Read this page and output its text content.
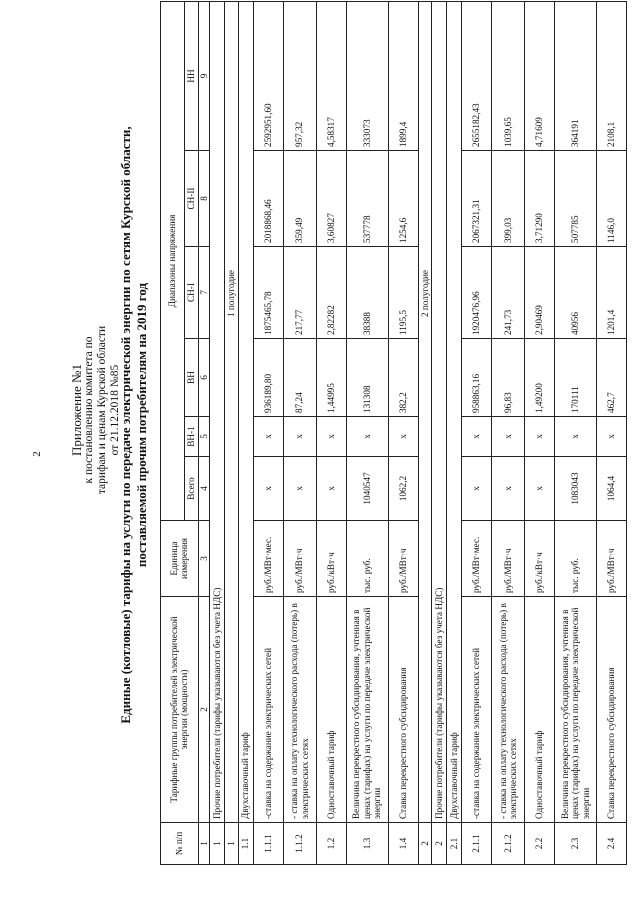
2 Приложение №1 к постановлению комитета по тарифам и ценам Курской области от 21.12.2018 №85
Единые (котловые) тарифы на услуги по передаче электрической энергии по сетям Курской области, поставляемой прочим потребителям на 2019 год
№ п/п	Тарифные группы потребителей электрической энергии (мощности)	Единица измерения	Диапазоны напряжения					
			Всего	ВН-1	ВН	СН-I	СН-II	НН
1	2	3	4	5	6	7	8	9
1	Прочие потребители (тарифы указываются без учета НДС)							
1	1 полугодие							
1.1	Двухставочный тариф							
1.1.1	-ставка на содержание электрических сетей	руб./МВт·мес.	х	х	936189,80	1875465,78	2018868,46	2592951,60
1.1.2	- ставка на оплату технологического расхода (потерь) в электрических сетях	руб./МВт·ч	х	х	87,24	217,77	359,49	957,32
1.2	Одноставочный тариф	руб./кВт·ч	х	х	1,44995	2,82282	3,60827	4,58317
1.3	Величина перекрестного субсидирования, учтенная в ценах (тарифах) на услуги по передаче электрической энергии	тыс. руб.	1040547	х	131308	38388	537778	333073
1.4	Ставка перекрестного субсидирования	руб./МВт·ч	1062,2	х	382,2	1195,5	1254,6	1899,4
2	2 полугодие							
2	Прочие потребители (тарифы указываются без учета НДС)							
2.1	Двухставочный тариф							
2.1.1	-ставка на содержание электрических сетей	руб./МВт·мес.	х	х	958863,16	1920476,96	2067321,31	2655182,43
2.1.2	- ставка на оплату технологического расхода (потерь) в электрических сетях	руб./МВт·ч	х	х	96,83	241,73	399,03	1039,65
2.2	Одноставочный тариф	руб./кВт·ч	х	х	1,49200	2,90469	3,71290	4,71609
2.3	Величина перекрестного субсидирования, учтенная в ценах (тарифах) на услуги по передаче электрической энергии	тыс. руб.	1083043	х	170111	40956	507785	364191
2.4	Ставка перекрестного субсидирования	руб./МВт·ч	1064,4	х	462,7	1201,4	1146,0	2108,1
